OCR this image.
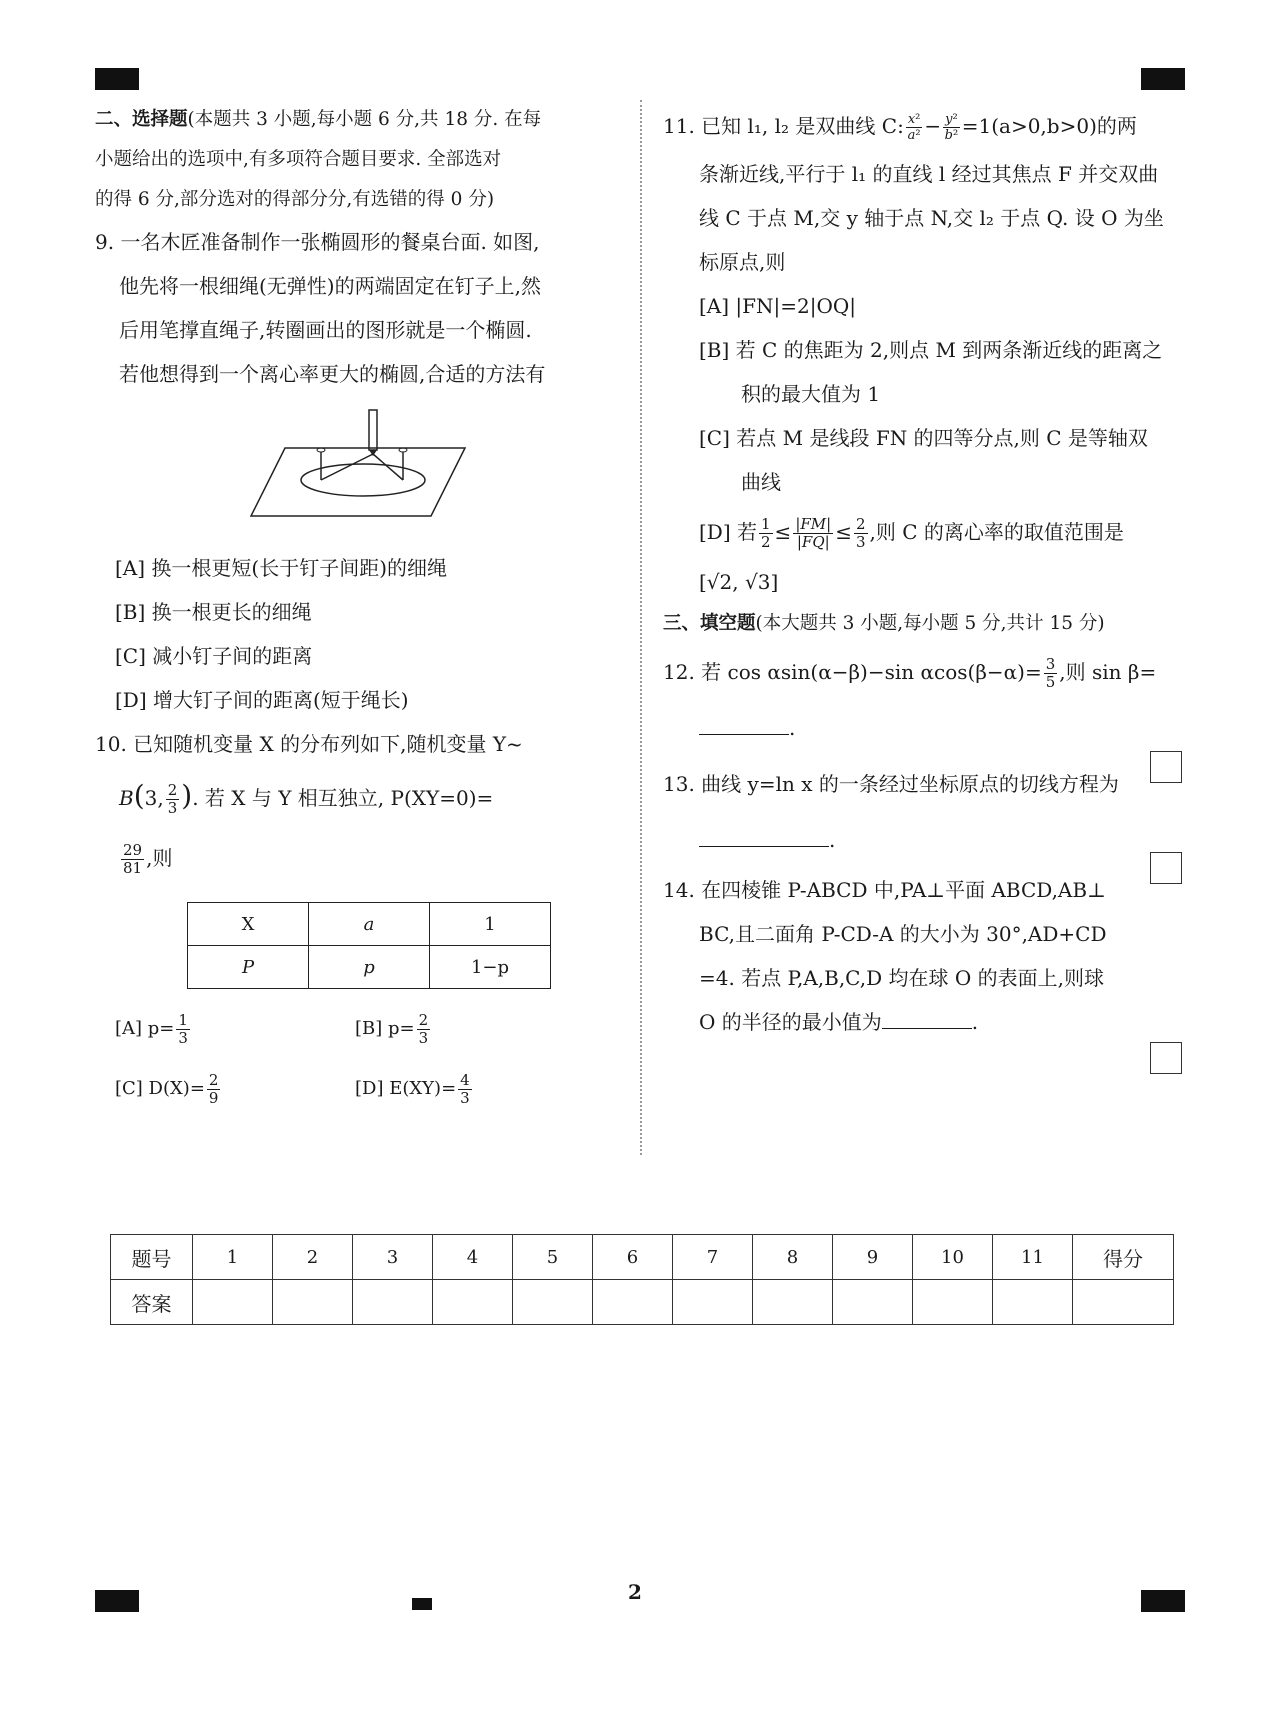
二、选择题(本题共 3 小题,每小题 6 分,共 18 分. 在每
小题给出的选项中,有多项符合题目要求. 全部选对
的得 6 分,部分选对的得部分分,有选错的得 0 分)
9. 一名木匠准备制作一张椭圆形的餐桌台面. 如图,
他先将一根细绳(无弹性)的两端固定在钉子上,然
后用笔撑直绳子,转圈画出的图形就是一个椭圆.
若他想得到一个离心率更大的椭圆,合适的方法有
[A] 换一根更短(长于钉子间距)的细绳
[B] 换一根更长的细绳
[C] 减小钉子间的距离
[D] 增大钉子间的距离(短于绳长)
10. 已知随机变量 X 的分布列如下,随机变量 Y~
B(3, $\frac{2}{3}$ ). 若 X 与 Y 相互独立, P(XY=0)=
$\frac{29}{81}$ ,则
X	a	1
P	p	1−p
[A] $p= \frac{1}{3}$	[B] $p= \frac{2}{3}$
[C] $D(X)= \frac{2}{9}$	[D] $E(XY)= \frac{4}{3}$
11. 已知 l₁, l₂ 是双曲线 C: $\frac{\text{x²}}{\text{a²}} - \frac{\text{y²}}{\text{b²}} =1(a>0,b>0)$的两
条渐近线,平行于 l₁ 的直线 l 经过其焦点 F 并交双曲
线 C 于点 M,交 y 轴于点 N,交 l₂ 于点 Q. 设 O 为坐
标原点,则
[A] |FN|=2|OQ|
[B] 若 C 的焦距为 2,则点 M 到两条渐近线的距离之
积的最大值为 1
[C] 若点 M 是线段 FN 的四等分点,则 C 是等轴双
曲线
[D] 若 $\frac{1}{2} \le \frac{|FM|}{|FQ|} \le \frac{2}{3}$ ,则 C 的离心率的取值范围是
[√2, √3]
三、填空题(本大题共 3 小题,每小题 5 分,共计 15 分)
12. 若 cos αsin(α−β)−sin $\alpha\cos(\beta-\alpha)= \frac{3}{5}$ ,则 sin β=
.
13. 曲线 y=ln x 的一条经过坐标原点的切线方程为
.
14. 在四棱锥 P-ABCD 中,PA⊥平面 ABCD,AB⊥
BC,且二面角 P-CD-A 的大小为 30°,AD+CD
=4. 若点 P,A,B,C,D 均在球 O 的表面上,则球
O 的半径的最小值为	.
题号	1	2	3	4	5	6	7	8	9	10	11	得分
答案												
2
